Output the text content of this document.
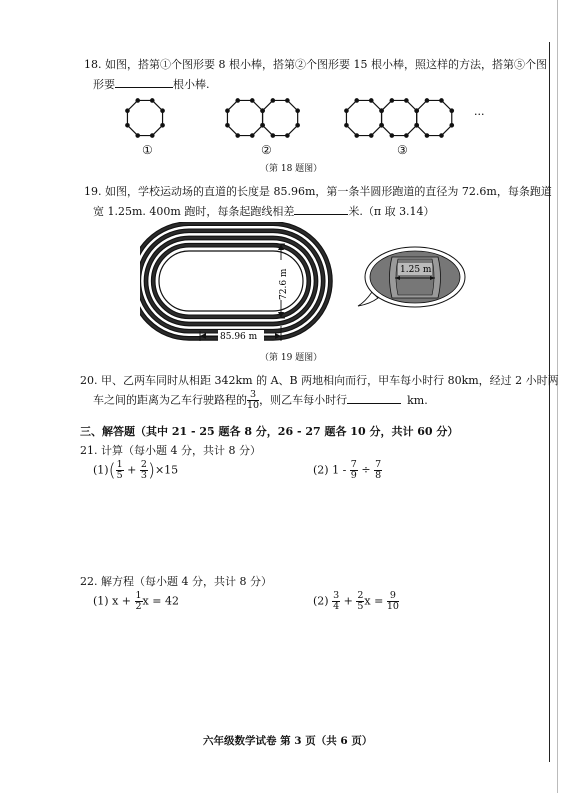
18. 如图，搭第①个图形要 8 根小棒，搭第②个图形要 15 根小棒，照这样的方法，搭第⑤个图
形要	根小棒.
···
①	②	③
（第 18 题图）
19. 如图，学校运动场的直道的长度是 85.96m，第一条半圆形跑道的直径为 72.6m，每条跑道
宽 1.25m. 400m 跑时，每条起跑线相差	米.（π 取 3.14）
72.6 m
85.96 m
1.25 m
（第 19 题图）
20. 甲、乙两车同时从相距 342km 的 A、B 两地相向而行，甲车每小时行 80km，经过 2 小时两
车之间的距离为乙车行驶路程的 $\frac{3}{10}$ ，则乙车每小时行	km.
三、解答题（其中 21 - 25 题各 8 分，26 - 27 题各 10 分，共计 60 分）
21. 计算（每小题 4 分，共计 8 分）
$(1)( \frac{1}{5} + \frac{2}{3} )\times 15$	(2) $1 - \frac{7}{9} \div \frac{7}{8}$
22. 解方程（每小题 4 分，共计 8 分）
(1) $x + \frac{1}{2}$ x = 42	$(2) \frac{3}{4} + \frac{2}{5}$ $x = \frac{9}{10}$
六年级数学试卷 第 3 页（共 6 页）
